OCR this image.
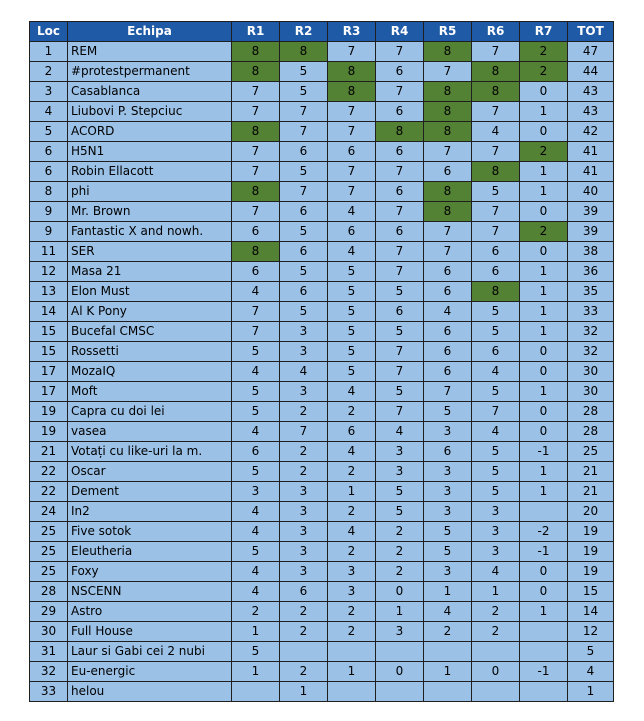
Loc	Echipa	R1	R2	R3	R4	R5	R6	R7	TOT
1	REM	8	8	7	7	8	7	2	47
2	#protestpermanent	8	5	8	6	7	8	2	44
3	Casablanca	7	5	8	7	8	8	0	43
4	Liubovi P. Stepciuc	7	7	7	6	8	7	1	43
5	ACORD	8	7	7	8	8	4	0	42
6	H5N1	7	6	6	6	7	7	2	41
6	Robin Ellacott	7	5	7	7	6	8	1	41
8	phi	8	7	7	6	8	5	1	40
9	Mr. Brown	7	6	4	7	8	7	0	39
9	Fantastic X and nowh.	6	5	6	6	7	7	2	39
11	SER	8	6	4	7	7	6	0	38
12	Masa 21	6	5	5	7	6	6	1	36
13	Elon Must	4	6	5	5	6	8	1	35
14	Al K Pony	7	5	5	6	4	5	1	33
15	Bucefal CMSC	7	3	5	5	6	5	1	32
15	Rossetti	5	3	5	7	6	6	0	32
17	MozaIQ	4	4	5	7	6	4	0	30
17	Moft	5	3	4	5	7	5	1	30
19	Capra cu doi lei	5	2	2	7	5	7	0	28
19	vasea	4	7	6	4	3	4	0	28
21	Votați cu like-uri la m.	6	2	4	3	6	5	-1	25
22	Oscar	5	2	2	3	3	5	1	21
22	Dement	3	3	1	5	3	5	1	21
24	In2	4	3	2	5	3	3		20
25	Five sotok	4	3	4	2	5	3	-2	19
25	Eleutheria	5	3	2	2	5	3	-1	19
25	Foxy	4	3	3	2	3	4	0	19
28	NSCENN	4	6	3	0	1	1	0	15
29	Astro	2	2	2	1	4	2	1	14
30	Full House	1	2	2	3	2	2		12
31	Laur si Gabi cei 2 nubi	5							5
32	Eu-energic	1	2	1	0	1	0	-1	4
33	helou		1						1
